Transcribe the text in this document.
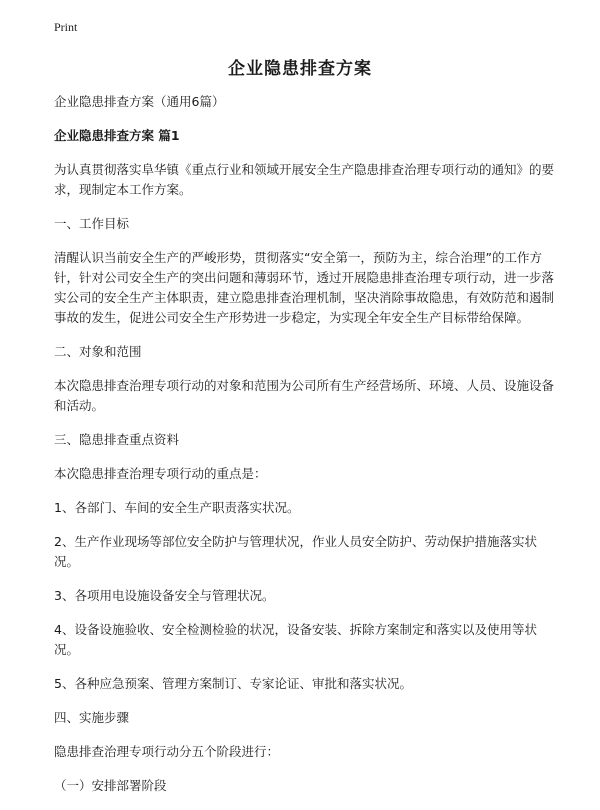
Print
企业隐患排查方案

企业隐患排查方案（通用6篇）

企业隐患排查方案 篇1

为认真贯彻落实阜华镇《重点行业和领域开展安全生产隐患排查治理专项行动的通知》的要求，现制定本工作方案。

一、工作目标

清醒认识当前安全生产的严峻形势，贯彻落实“安全第一，预防为主，综合治理”的工作方针，针对公司安全生产的突出问题和薄弱环节，透过开展隐患排查治理专项行动，进一步落实公司的安全生产主体职责，建立隐患排查治理机制，坚决消除事故隐患，有效防范和遏制事故的发生，促进公司安全生产形势进一步稳定，为实现全年安全生产目标带给保障。

二、对象和范围

本次隐患排查治理专项行动的对象和范围为公司所有生产经营场所、环境、人员、设施设备和活动。

三、隐患排查重点资料

本次隐患排查治理专项行动的重点是：

1、各部门、车间的安全生产职责落实状况。

2、生产作业现场等部位安全防护与管理状况，作业人员安全防护、劳动保护措施落实状况。

3、各项用电设施设备安全与管理状况。

4、设备设施验收、安全检测检验的状况，设备安装、拆除方案制定和落实以及使用等状况。

5、各种应急预案、管理方案制订、专家论证、审批和落实状况。

四、实施步骤

隐患排查治理专项行动分五个阶段进行：

（一）安排部署阶段
